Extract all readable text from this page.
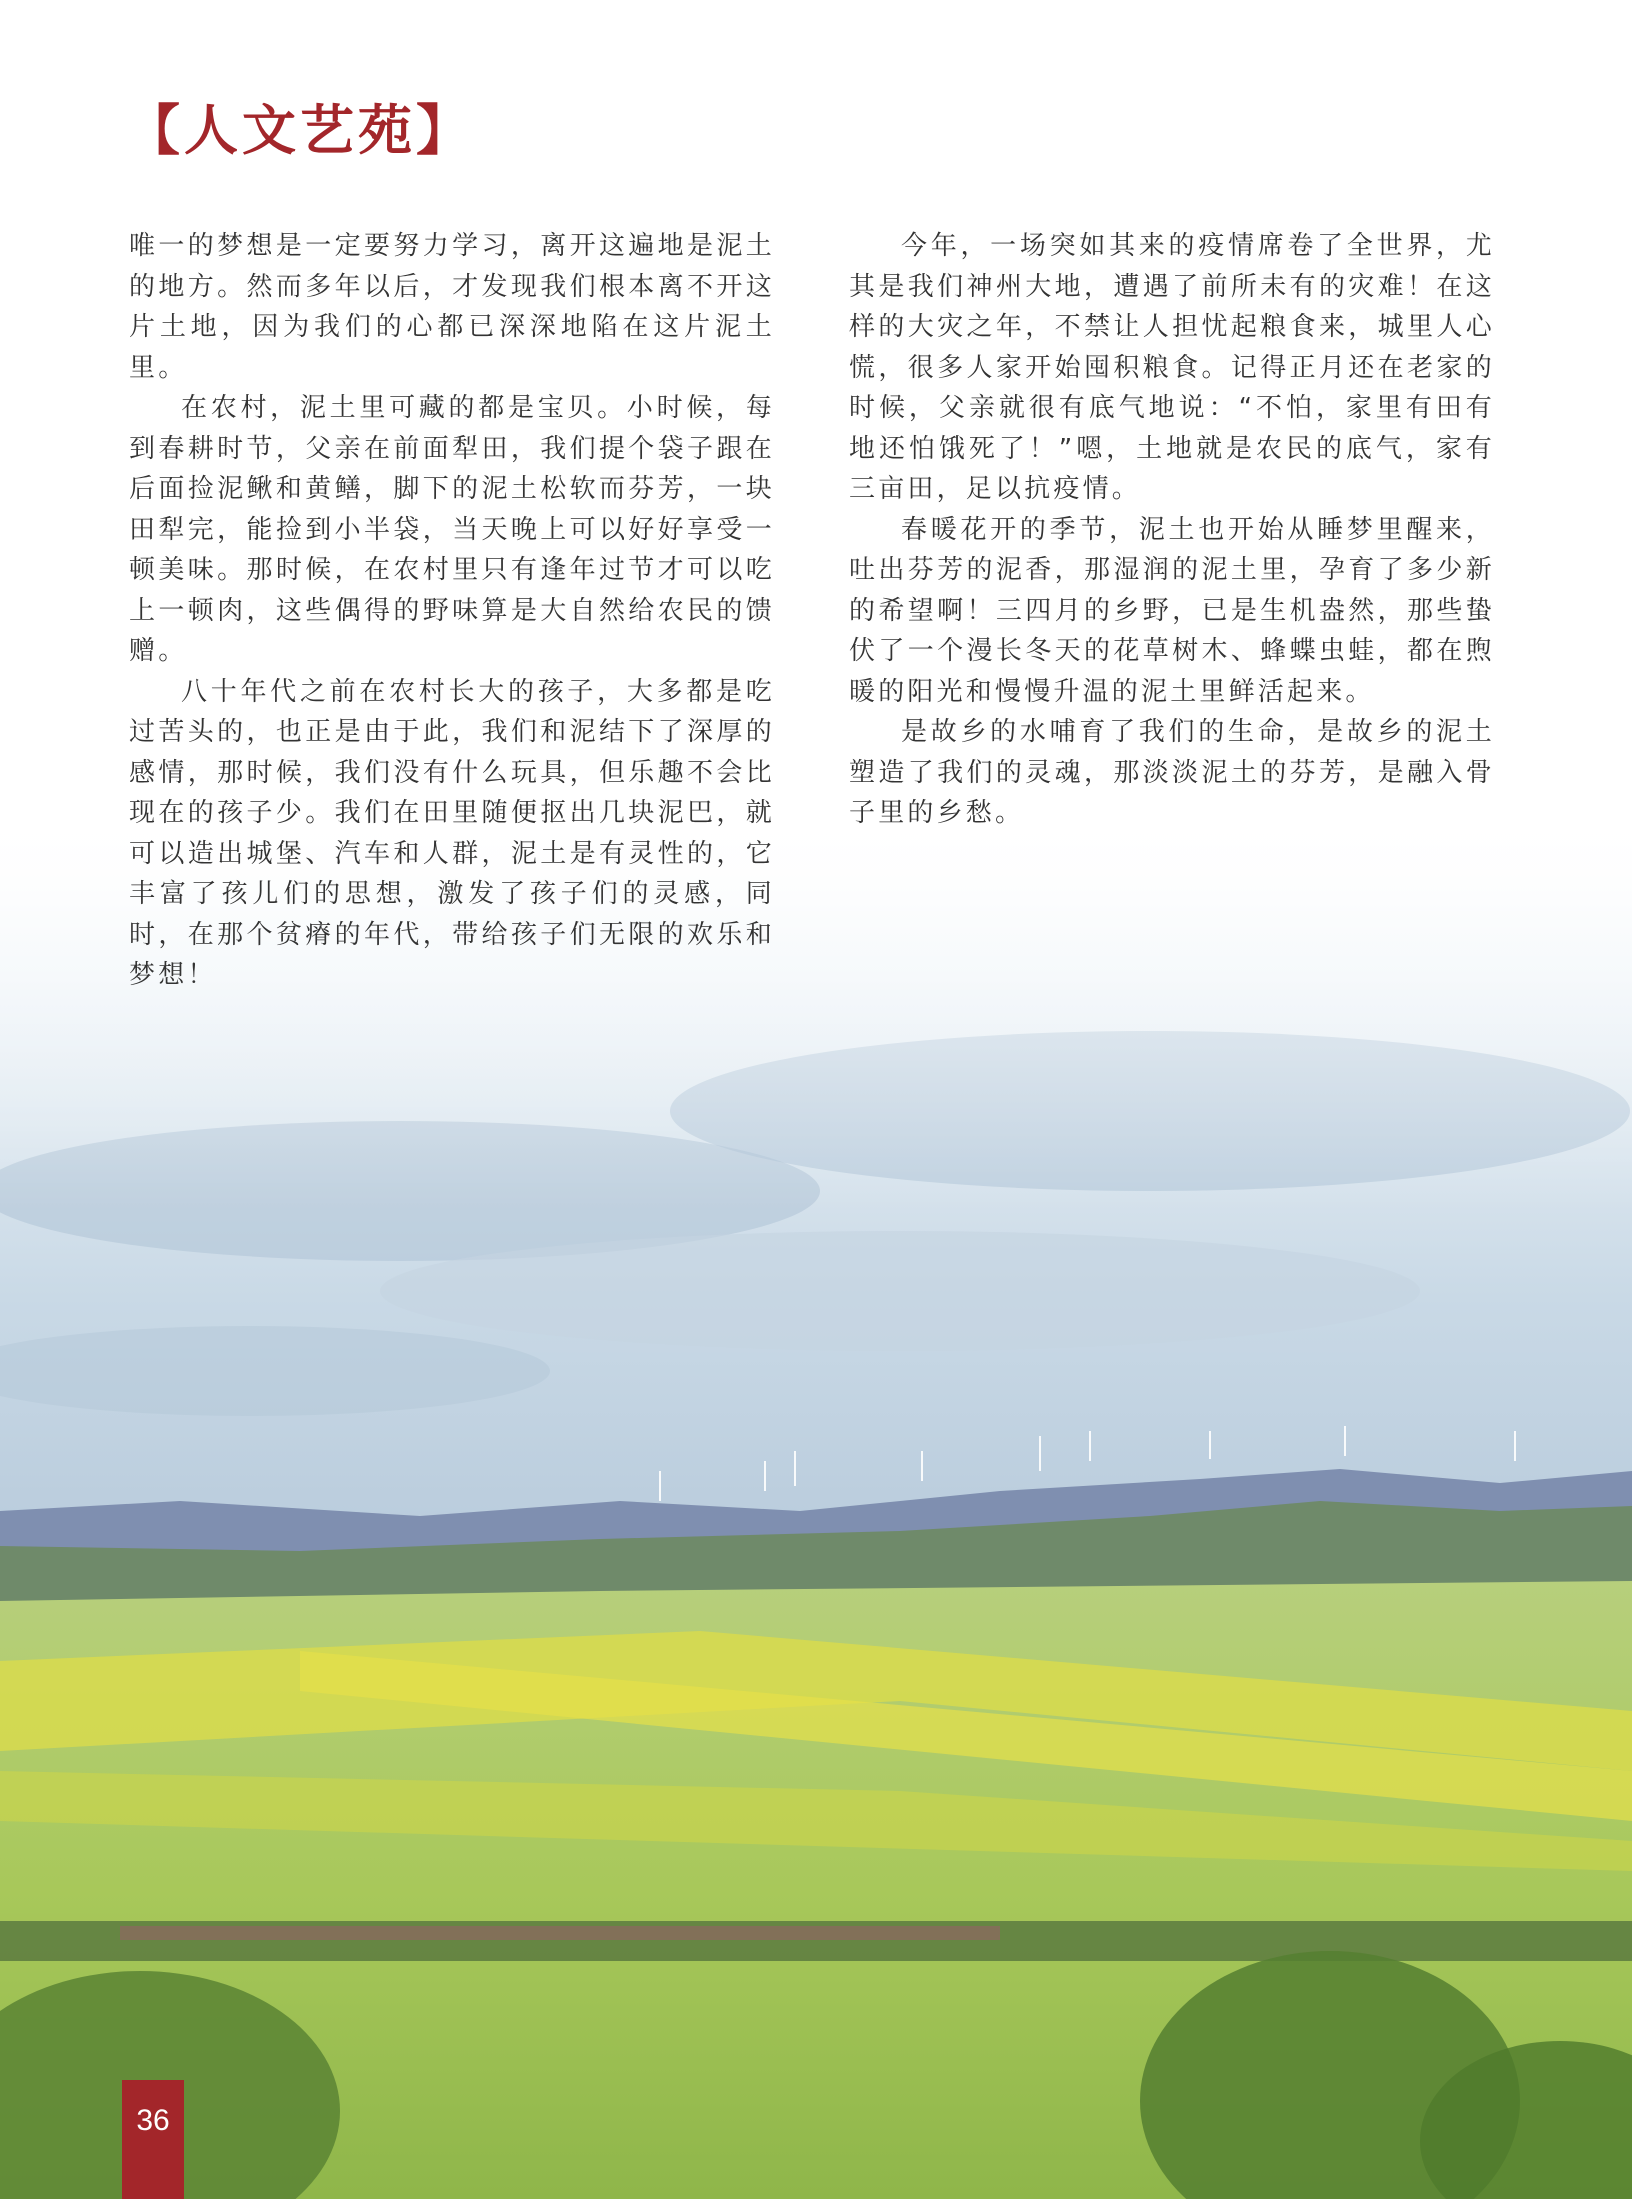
【人文艺苑】

唯一的梦想是一定要努力学习，离开这遍地是泥土的地方。然而多年以后，才发现我们根本离不开这片土地，因为我们的心都已深深地陷在这片泥土里。

在农村，泥土里可藏的都是宝贝。小时候，每到春耕时节，父亲在前面犁田，我们提个袋子跟在后面捡泥鳅和黄鳝，脚下的泥土松软而芬芳，一块田犁完，能捡到小半袋，当天晚上可以好好享受一顿美味。那时候，在农村里只有逢年过节才可以吃上一顿肉，这些偶得的野味算是大自然给农民的馈赠。

八十年代之前在农村长大的孩子，大多都是吃过苦头的，也正是由于此，我们和泥结下了深厚的感情，那时候，我们没有什么玩具，但乐趣不会比现在的孩子少。我们在田里随便抠出几块泥巴，就可以造出城堡、汽车和人群，泥土是有灵性的，它丰富了孩儿们的思想，激发了孩子们的灵感，同时，在那个贫瘠的年代，带给孩子们无限的欢乐和梦想！

今年，一场突如其来的疫情席卷了全世界，尤其是我们神州大地，遭遇了前所未有的灾难！在这样的大灾之年，不禁让人担忧起粮食来，城里人心慌，很多人家开始囤积粮食。记得正月还在老家的时候，父亲就很有底气地说：“不怕，家里有田有地还怕饿死了！”嗯，土地就是农民的底气，家有三亩田，足以抗疫情。

春暖花开的季节，泥土也开始从睡梦里醒来，吐出芬芳的泥香，那湿润的泥土里，孕育了多少新的希望啊！三四月的乡野，已是生机盎然，那些蛰伏了一个漫长冬天的花草树木、蜂蝶虫蛙，都在煦暖的阳光和慢慢升温的泥土里鲜活起来。

是故乡的水哺育了我们的生命，是故乡的泥土塑造了我们的灵魂，那淡淡泥土的芬芳，是融入骨子里的乡愁。

36
